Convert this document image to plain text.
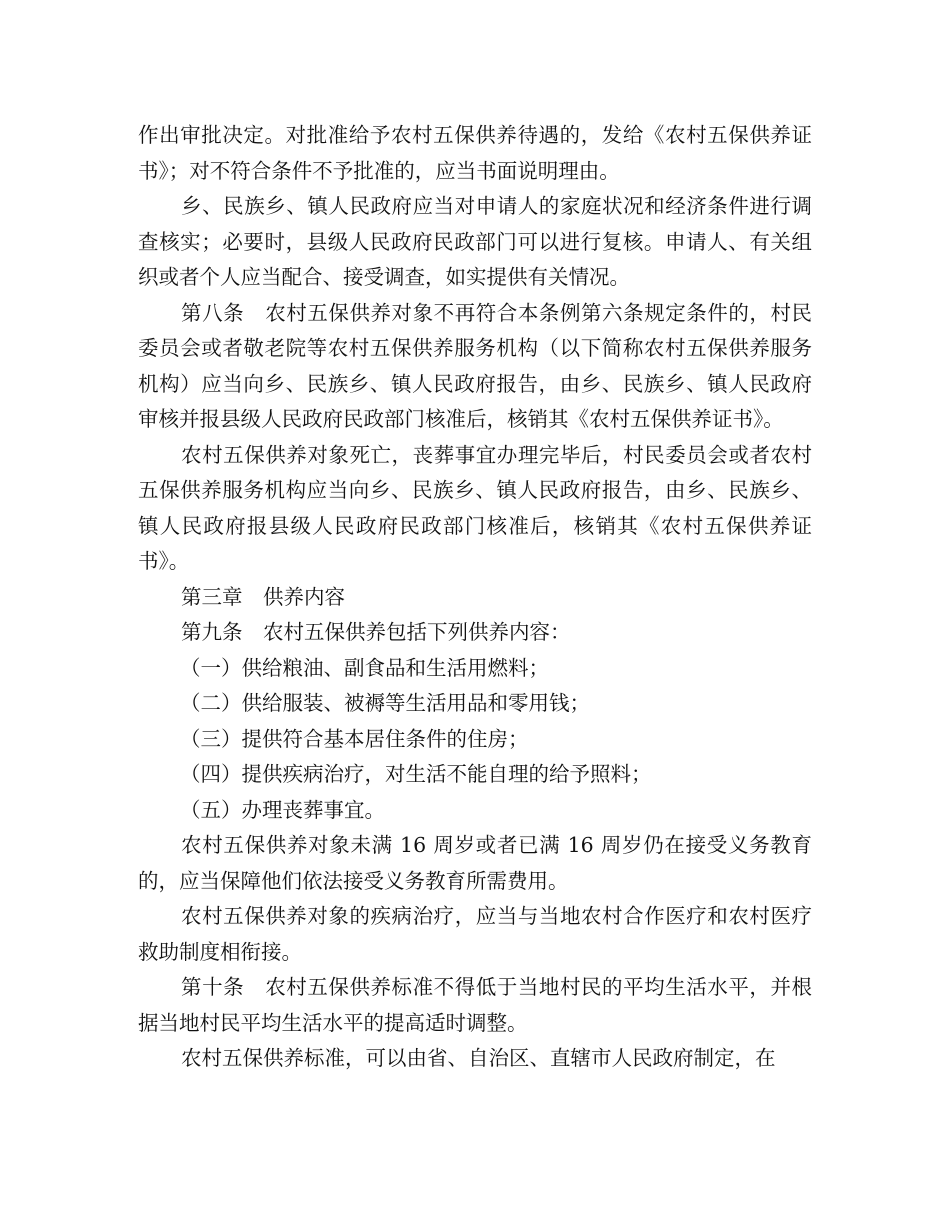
作出审批决定。对批准给予农村五保供养待遇的，发给《农村五保供养证书》；对不符合条件不予批准的，应当书面说明理由。

乡、民族乡、镇人民政府应当对申请人的家庭状况和经济条件进行调查核实；必要时，县级人民政府民政部门可以进行复核。申请人、有关组织或者个人应当配合、接受调查，如实提供有关情况。

第八条　农村五保供养对象不再符合本条例第六条规定条件的，村民委员会或者敬老院等农村五保供养服务机构（以下简称农村五保供养服务机构）应当向乡、民族乡、镇人民政府报告，由乡、民族乡、镇人民政府审核并报县级人民政府民政部门核准后，核销其《农村五保供养证书》。

农村五保供养对象死亡，丧葬事宜办理完毕后，村民委员会或者农村五保供养服务机构应当向乡、民族乡、镇人民政府报告，由乡、民族乡、镇人民政府报县级人民政府民政部门核准后，核销其《农村五保供养证书》。

第三章　供养内容

第九条　农村五保供养包括下列供养内容：

（一）供给粮油、副食品和生活用燃料；

（二）供给服装、被褥等生活用品和零用钱；

（三）提供符合基本居住条件的住房；

（四）提供疾病治疗，对生活不能自理的给予照料；

（五）办理丧葬事宜。

农村五保供养对象未满 16 周岁或者已满 16 周岁仍在接受义务教育的，应当保障他们依法接受义务教育所需费用。

农村五保供养对象的疾病治疗，应当与当地农村合作医疗和农村医疗救助制度相衔接。

第十条　农村五保供养标准不得低于当地村民的平均生活水平，并根据当地村民平均生活水平的提高适时调整。

农村五保供养标准，可以由省、自治区、直辖市人民政府制定，在
